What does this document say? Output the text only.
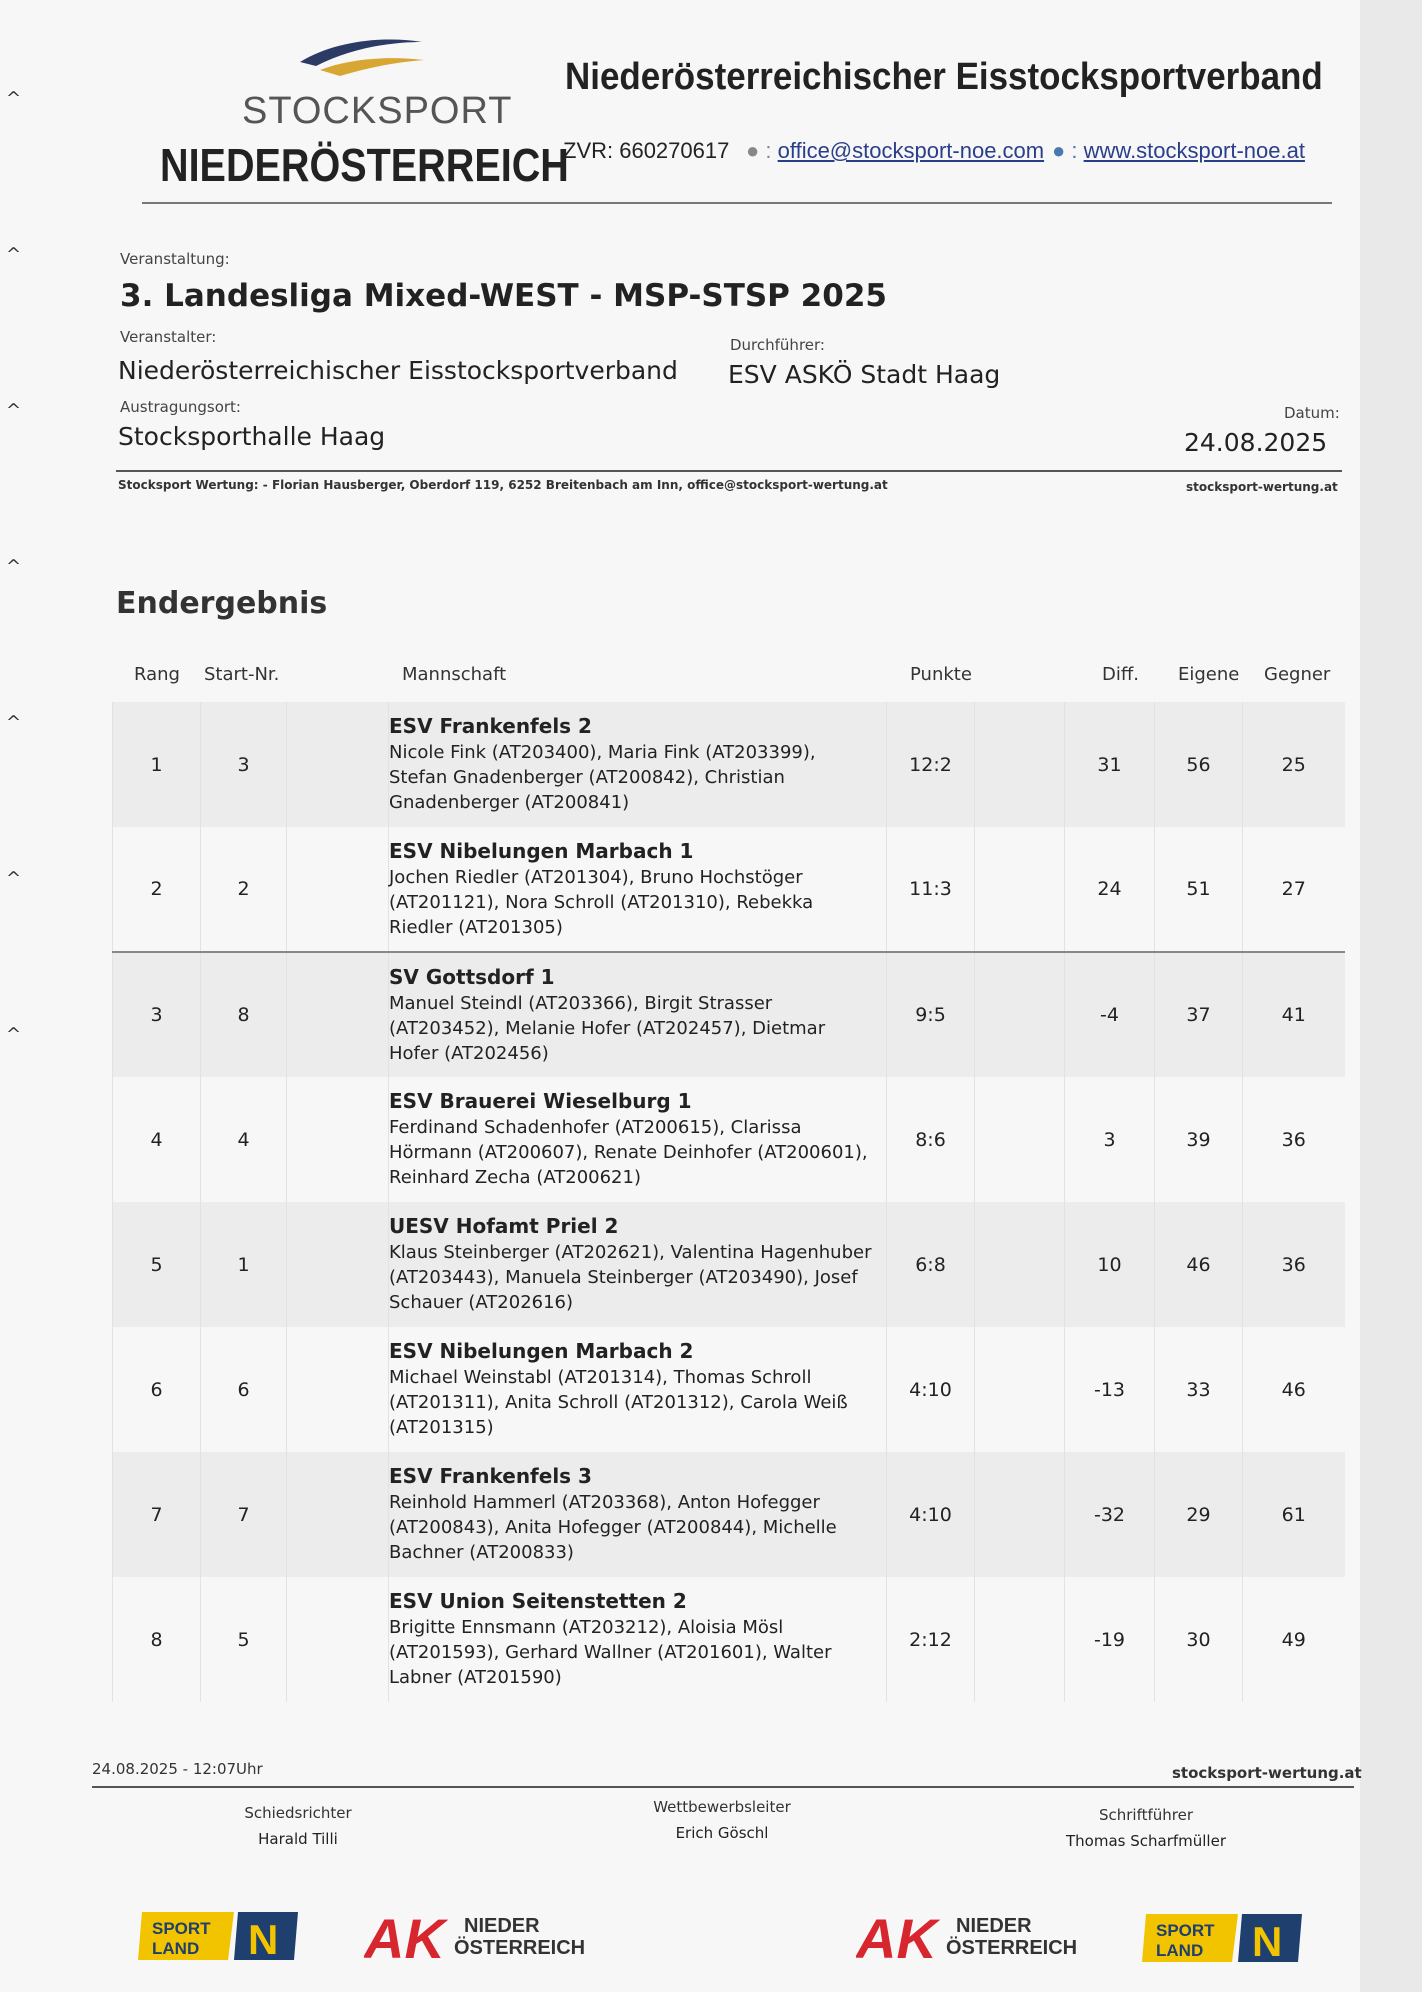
^
^
^
^
^
^
^
STOCKSPORT
NIEDERÖSTERREICH
Niederösterreichischer Eisstocksportverband
ZVR: 660270617 ● : office@stocksport-noe.com ● : www.stocksport-noe.at
Veranstaltung:
3. Landesliga Mixed-WEST - MSP-STSP 2025
Veranstalter:
Niederösterreichischer Eisstocksportverband
Durchführer:
ESV ASKÖ Stadt Haag
Austragungsort:
Stocksporthalle Haag
Datum:
24.08.2025
Stocksport Wertung: - Florian Hausberger, Oberdorf 119, 6252 Breitenbach am Inn, office@stocksport-wertung.at	stocksport-wertung.at
Endergebnis
Rang Start-Nr.	Mannschaft	Punkte	Diff. Eigene Gegner
1	3		ESV Frankenfels 2
Nicole Fink (AT203400), Maria Fink (AT203399), Stefan Gnadenberger (AT200842), Christian Gnadenberger (AT200841)	12:2		31	56	25
2	2		ESV Nibelungen Marbach 1
Jochen Riedler (AT201304), Bruno Hochstöger (AT201121), Nora Schroll (AT201310), Rebekka Riedler (AT201305)	11:3		24	51	27
3	8		SV Gottsdorf 1
Manuel Steindl (AT203366), Birgit Strasser (AT203452), Melanie Hofer (AT202457), Dietmar Hofer (AT202456)	9:5		-4	37	41
4	4		ESV Brauerei Wieselburg 1
Ferdinand Schadenhofer (AT200615), Clarissa Hörmann (AT200607), Renate Deinhofer (AT200601), Reinhard Zecha (AT200621)	8:6		3	39	36
5	1		UESV Hofamt Priel 2
Klaus Steinberger (AT202621), Valentina Hagenhuber (AT203443), Manuela Steinberger (AT203490), Josef Schauer (AT202616)	6:8		10	46	36
6	6		ESV Nibelungen Marbach 2
Michael Weinstabl (AT201314), Thomas Schroll (AT201311), Anita Schroll (AT201312), Carola Weiß (AT201315)	4:10		-13	33	46
7	7		ESV Frankenfels 3
Reinhold Hammerl (AT203368), Anton Hofegger (AT200843), Anita Hofegger (AT200844), Michelle Bachner (AT200833)	4:10		-32	29	61
8	5		ESV Union Seitenstetten 2
Brigitte Ennsmann (AT203212), Aloisia Mösl (AT201593), Gerhard Wallner (AT201601), Walter Labner (AT201590)	2:12		-19	30	49
24.08.2025 - 12:07Uhr	stocksport-wertung.at
Schiedsrichter
Harald Tilli
Wettbewerbsleiter
Erich Göschl
Schriftführer
Thomas Scharfmüller
SPORT
LAND N AK NIEDER
ÖSTERREICH	AK NIEDER
ÖSTERREICH
SPORT
LAND N
